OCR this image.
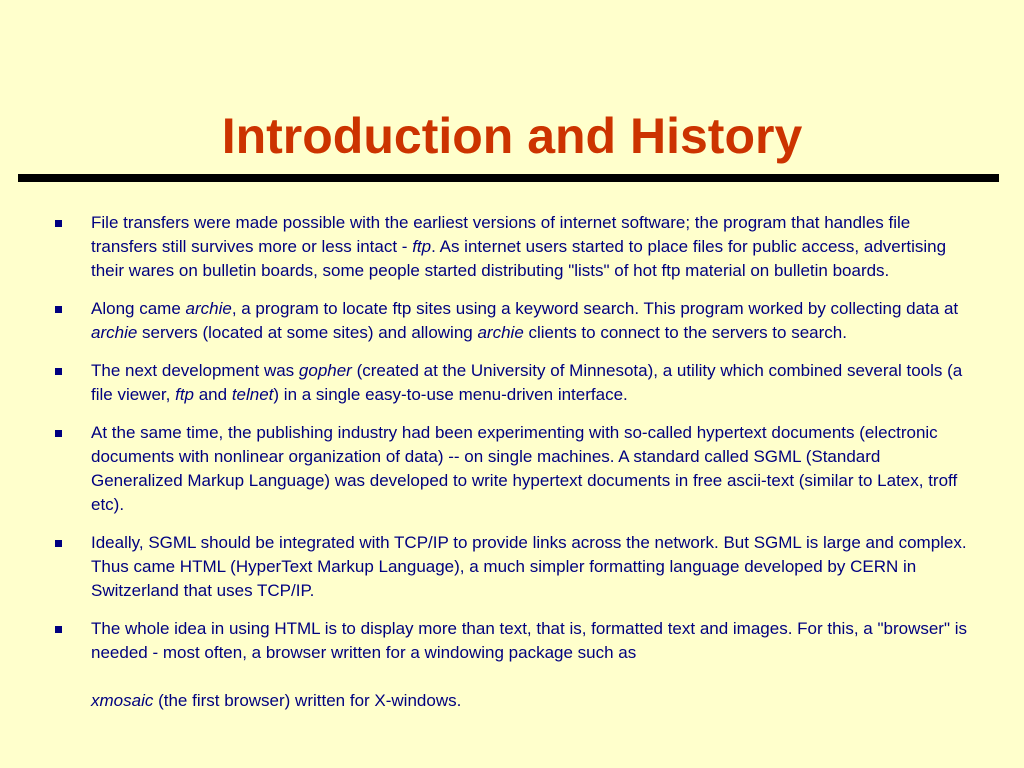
Introduction and History
File transfers were made possible with the earliest versions of internet software; the program that handles file transfers still survives more or less intact - ftp. As internet users started to place files for public access, advertising their wares on bulletin boards, some people started distributing "lists" of hot ftp material on bulletin boards.
Along came archie, a program to locate ftp sites using a keyword search. This program worked by collecting data at archie servers (located at some sites) and allowing archie clients to connect to the servers to search.
The next development was gopher (created at the University of Minnesota), a utility which combined several tools (a file viewer, ftp and telnet) in a single easy-to-use menu-driven interface.
At the same time, the publishing industry had been experimenting with so-called hypertext documents (electronic documents with nonlinear organization of data) -- on single machines. A standard called SGML (Standard Generalized Markup Language) was developed to write hypertext documents in free ascii-text (similar to Latex, troff etc).
Ideally, SGML should be integrated with TCP/IP to provide links across the network. But SGML is large and complex. Thus came HTML (HyperText Markup Language), a much simpler formatting language developed by CERN in Switzerland that uses TCP/IP.
The whole idea in using HTML is to display more than text, that is, formatted text and images. For this, a "browser" is needed - most often, a browser written for a windowing package such as
xmosaic (the first browser) written for X-windows.
